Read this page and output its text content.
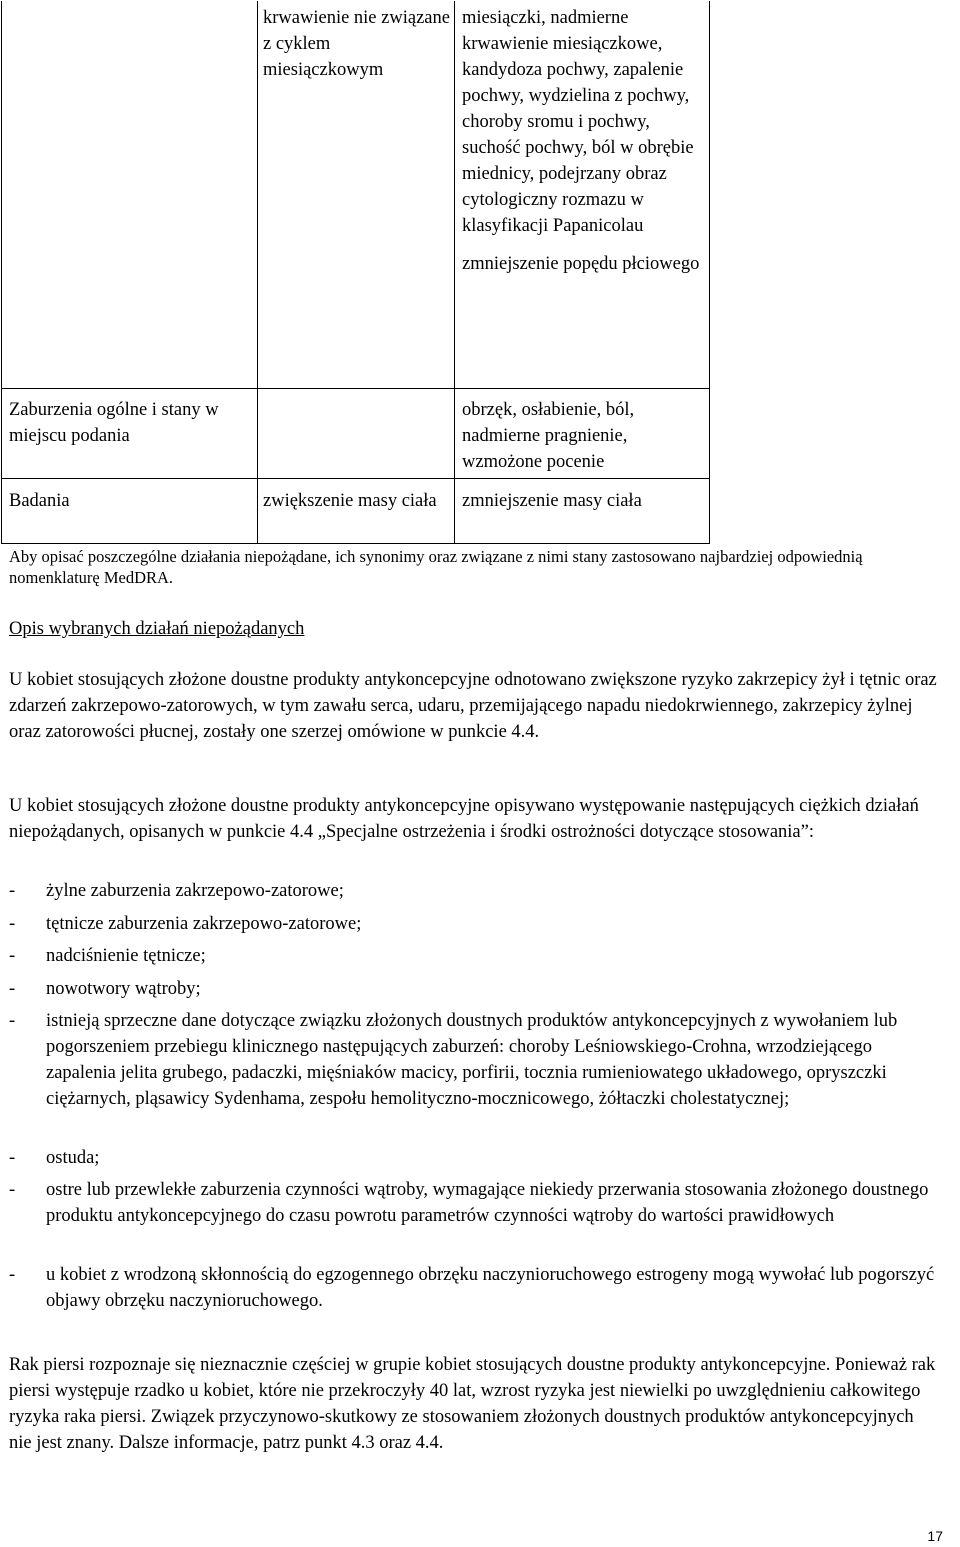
krwawienie nie związane z cyklem miesiączkowym
miesiączki, nadmierne krwawienie miesiączkowe, kandydoza pochwy, zapalenie pochwy, wydzielina z pochwy, choroby sromu i pochwy, suchość pochwy, ból w obrębie miednicy, podejrzany obraz cytologiczny rozmazu w klasyfikacji Papanicolau
zmniejszenie popędu płciowego
Zaburzenia ogólne i stany w miejscu podania
obrzęk, osłabienie, ból, nadmierne pragnienie, wzmożone pocenie
Badania	zwiększenie masy ciała	zmniejszenie masy ciała
Aby opisać poszczególne działania niepożądane, ich synonimy oraz związane z nimi stany zastosowano najbardziej odpowiednią nomenklaturę MedDRA.
Opis wybranych działań niepożądanych
U kobiet stosujących złożone doustne produkty antykoncepcyjne odnotowano zwiększone ryzyko zakrzepicy żył i tętnic oraz zdarzeń zakrzepowo-zatorowych, w tym zawału serca, udaru, przemijającego napadu niedokrwiennego, zakrzepicy żylnej oraz zatorowości płucnej, zostały one szerzej omówione w punkcie 4.4.
U kobiet stosujących złożone doustne produkty antykoncepcyjne opisywano występowanie następujących ciężkich działań niepożądanych, opisanych w punkcie 4.4 „Specjalne ostrzeżenia i środki ostrożności dotyczące stosowania”:
- żylne zaburzenia zakrzepowo-zatorowe;
- tętnicze zaburzenia zakrzepowo-zatorowe;
- nadciśnienie tętnicze;
- nowotwory wątroby;
- istnieją sprzeczne dane dotyczące związku złożonych doustnych produktów antykoncepcyjnych z wywołaniem lub pogorszeniem przebiegu klinicznego następujących zaburzeń: choroby Leśniowskiego-Crohna, wrzodziejącego zapalenia jelita grubego, padaczki, mięśniaków macicy, porfirii, tocznia rumieniowatego układowego, opryszczki ciężarnych, pląsawicy Sydenhama, zespołu hemolityczno-mocznicowego, żółtaczki cholestatycznej;
- ostuda;
- ostre lub przewlekłe zaburzenia czynności wątroby, wymagające niekiedy przerwania stosowania złożonego doustnego produktu antykoncepcyjnego do czasu powrotu parametrów czynności wątroby do wartości prawidłowych
- u kobiet z wrodzoną skłonnością do egzogennego obrzęku naczynioruchowego estrogeny mogą wywołać lub pogorszyć objawy obrzęku naczynioruchowego.
Rak piersi rozpoznaje się nieznacznie częściej w grupie kobiet stosujących doustne produkty antykoncepcyjne. Ponieważ rak piersi występuje rzadko u kobiet, które nie przekroczyły 40 lat, wzrost ryzyka jest niewielki po uwzględnieniu całkowitego ryzyka raka piersi. Związek przyczynowo-skutkowy ze stosowaniem złożonych doustnych produktów antykoncepcyjnych nie jest znany. Dalsze informacje, patrz punkt 4.3 oraz 4.4.
17
